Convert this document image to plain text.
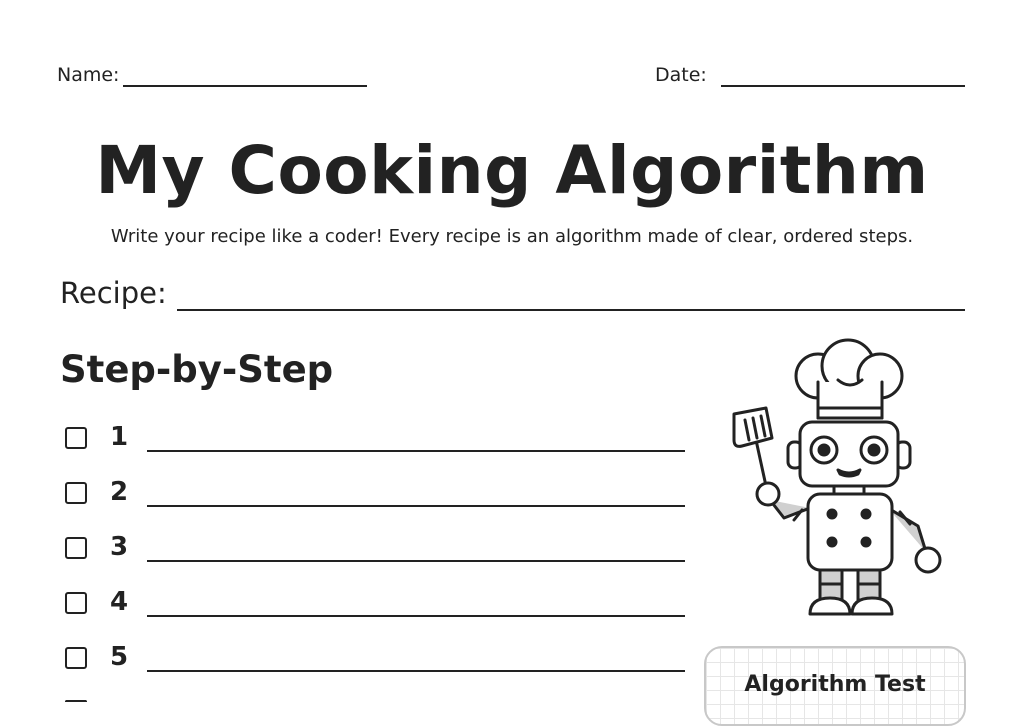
Name:	Date:
My Cooking Algorithm
Write your recipe like a coder! Every recipe is an algorithm made of clear, ordered steps.
Recipe:
Step-by-Step
1
2
3
4
5
Algorithm Test
